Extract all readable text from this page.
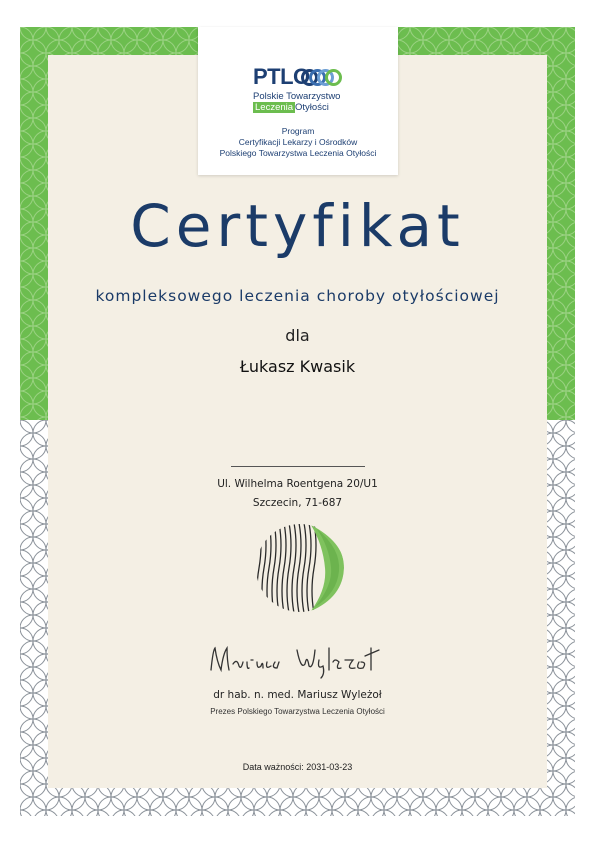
PTLO
Polskie Towarzystwo
Leczenia Otyłości
Program
Certyfikacji Lekarzy i Ośrodków
Polskiego Towarzystwa Leczenia Otyłości
Certyfikat
kompleksowego leczenia choroby otyłościowej
dla
Łukasz Kwasik
Ul. Wilhelma Roentgena 20/U1
Szczecin, 71-687
dr hab. n. med. Mariusz Wyleżoł
Prezes Polskiego Towarzystwa Leczenia Otyłości
Data ważności: 2031-03-23
